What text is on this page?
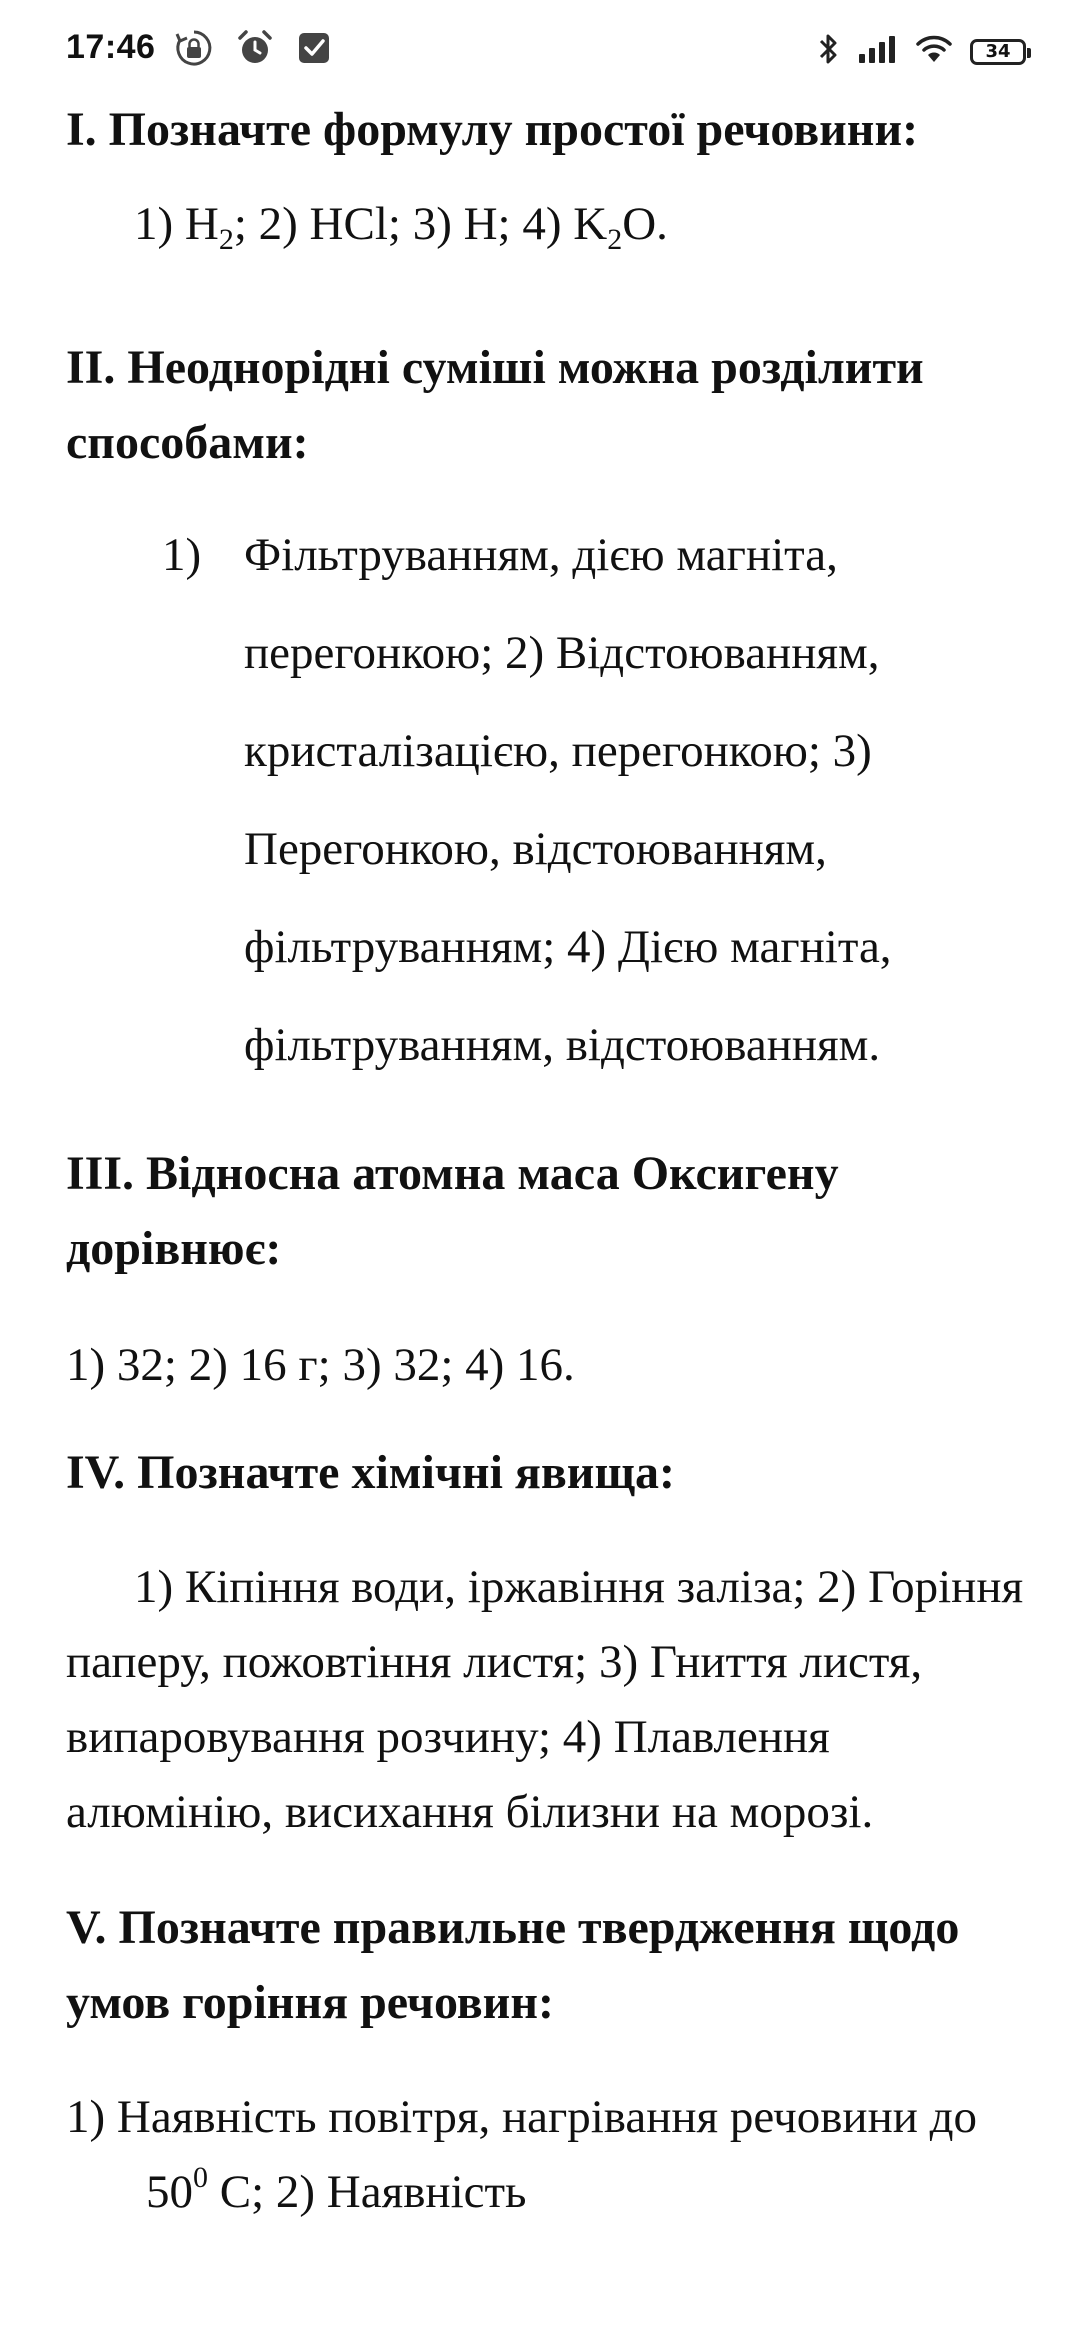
17:46	34

I. Позначте формулу простої речовини:

1) $H_2$; 2) HCl; 3) H; 4) $K_2O$.

II. Неоднорідні суміші можна розділити способами:

1) Фільтруванням, дією магніта,
перегонкою; 2) Відстоюванням,
кристалізацією, перегонкою; 3)
Перегонкою, відстоюванням,
фільтруванням; 4) Дією магніта,
фільтруванням, відстоюванням.

III. Відносна атомна маса Оксигену дорівнює:

1) 32; 2) 16 г; 3) 32; 4) 16.

IV. Позначте хімічні явища:

1) Кіпіння води, іржавіння заліза; 2) Горіння паперу, пожовтіння листя; 3) Гниття листя, випаровування розчину; 4) Плавлення алюмінію, висихання білизни на морозі.

V. Позначте правильне твердження щодо умов горіння речовин:

1) Наявність повітря, нагрівання речовини до $50^0$ С; 2) Наявність
